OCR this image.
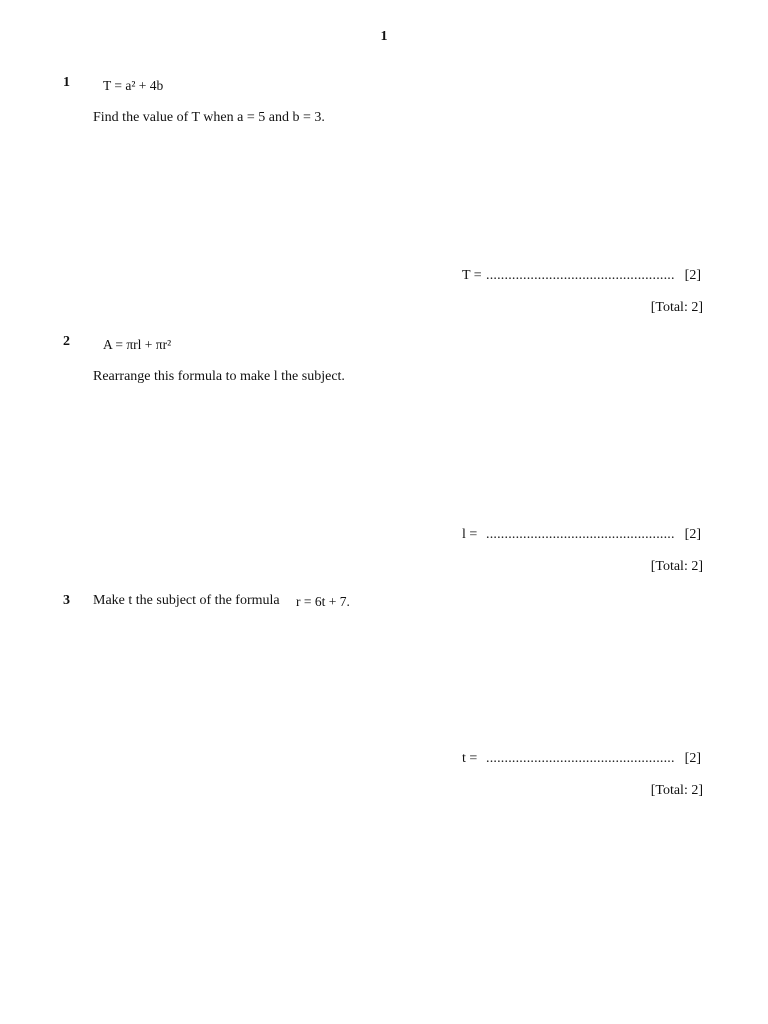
1
1 T = a² + 4b
Find the value of T when a = 5 and b = 3.
T = ................................................... [2]
[Total: 2]
2 A = πrl + πr²
Rearrange this formula to make l the subject.
l = ................................................... [2]
[Total: 2]
3 Make t the subject of the formula r = 6t + 7.
t = ................................................... [2]
[Total: 2]
